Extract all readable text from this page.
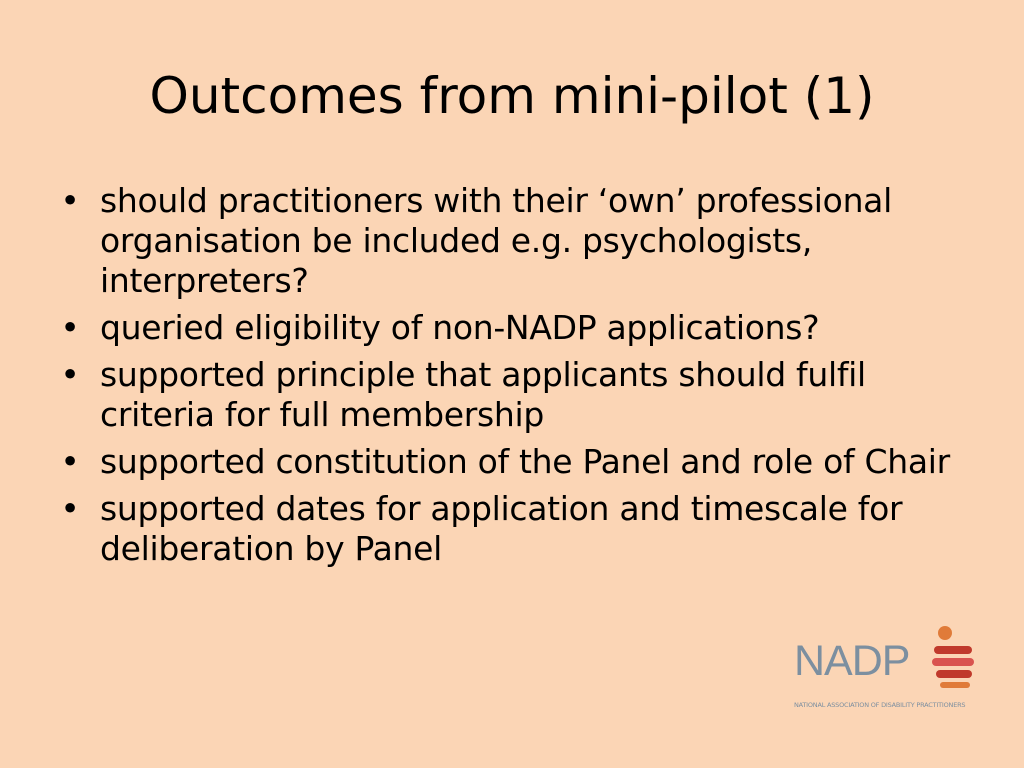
Outcomes from mini-pilot (1)
• should practitioners with their ‘own’ professional organisation be included e.g. psychologists, interpreters?
• queried eligibility of non-NADP applications?
• supported principle that applicants should fulfil criteria for full membership
• supported constitution of the Panel and role of Chair
• supported dates for application and timescale for deliberation by Panel
NADP
NATIONAL ASSOCIATION OF DISABILITY PRACTITIONERS
